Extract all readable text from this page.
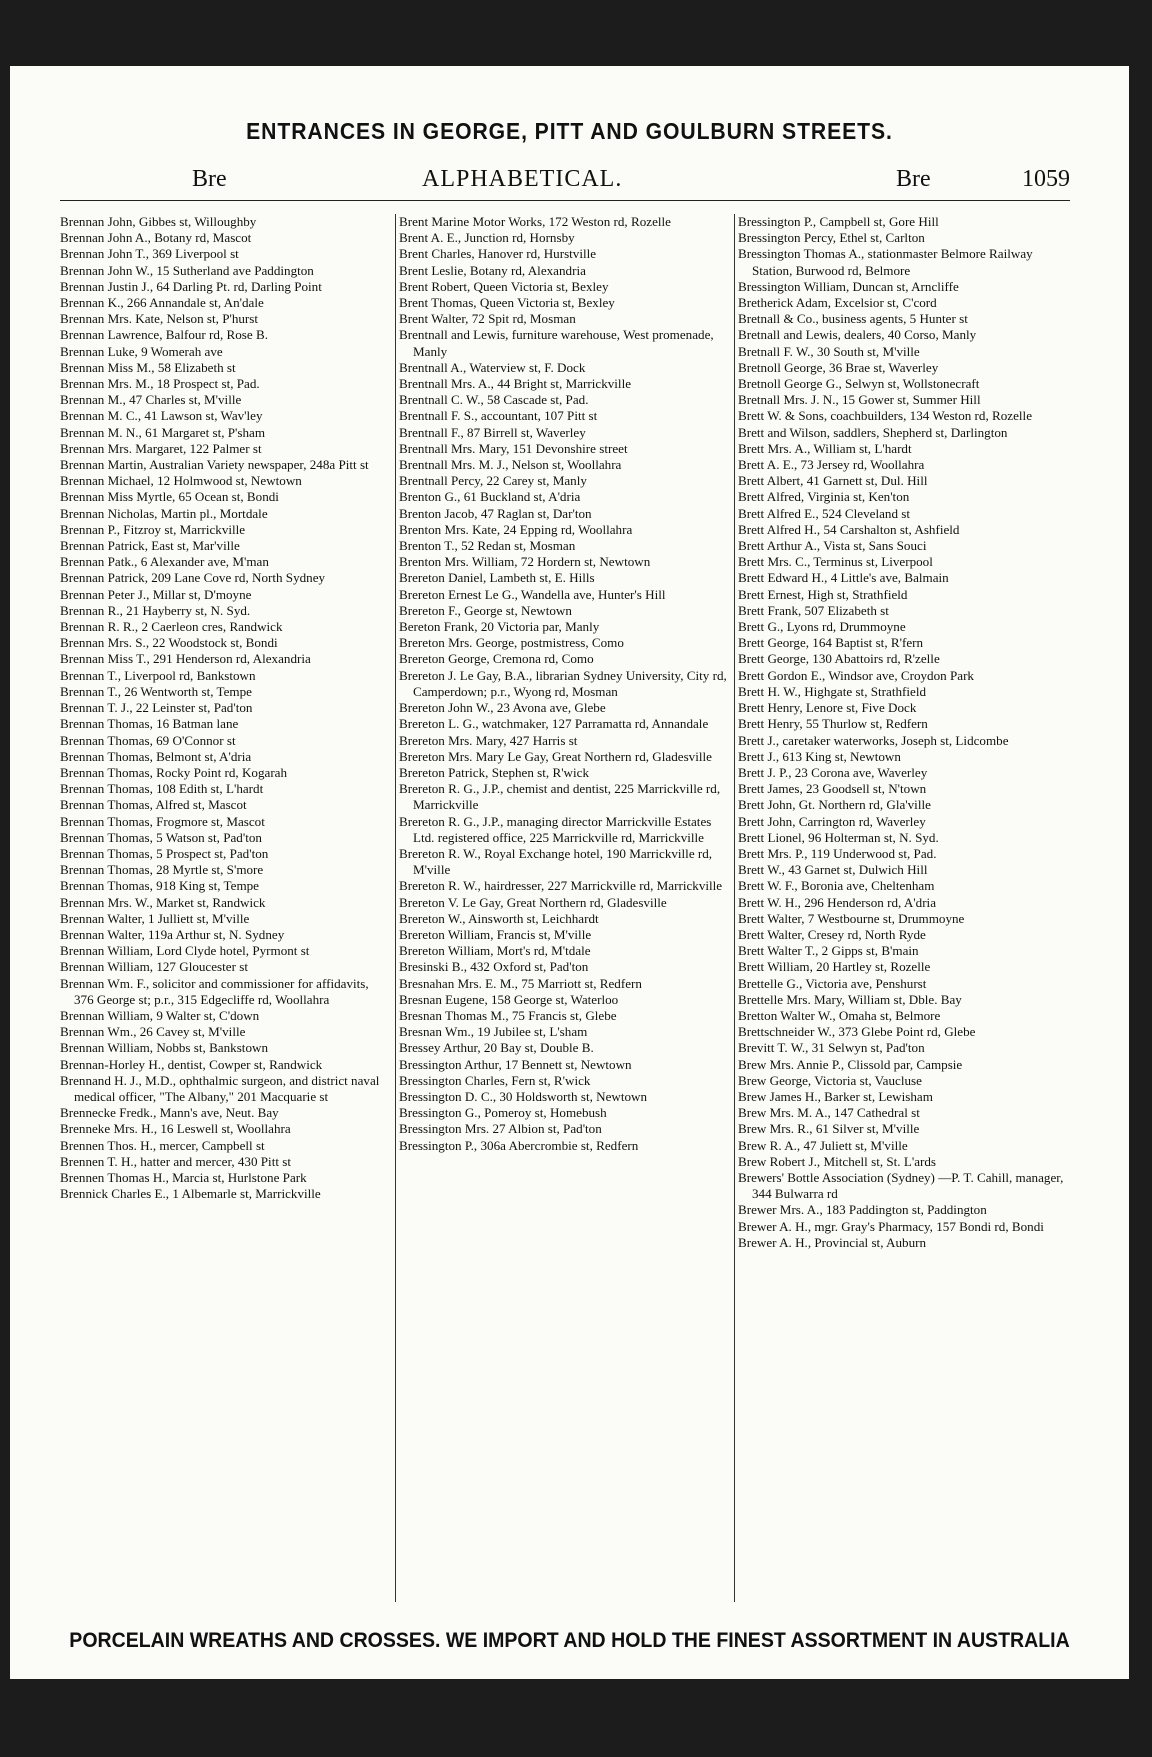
ENTRANCES IN GEORGE, PITT AND GOULBURN STREETS.
Bre	ALPHABETICAL.	Bre	1059
Brennan John, Gibbes st, Willoughby
Brennan John A., Botany rd, Mascot
Brennan John T., 369 Liverpool st
Brennan John W., 15 Sutherland ave Paddington
Brennan Justin J., 64 Darling Pt. rd, Darling Point
Brennan K., 266 Annandale st, An'dale
Brennan Mrs. Kate, Nelson st, P'hurst
Brennan Lawrence, Balfour rd, Rose B.
Brennan Luke, 9 Womerah ave
Brennan Miss M., 58 Elizabeth st
Brennan Mrs. M., 18 Prospect st, Pad.
Brennan M., 47 Charles st, M'ville
Brennan M. C., 41 Lawson st, Wav'ley
Brennan M. N., 61 Margaret st, P'sham
Brennan Mrs. Margaret, 122 Palmer st
Brennan Martin, Australian Variety newspaper, 248a Pitt st
Brennan Michael, 12 Holmwood st, Newtown
Brennan Miss Myrtle, 65 Ocean st, Bondi
Brennan Nicholas, Martin pl., Mortdale
Brennan P., Fitzroy st, Marrickville
Brennan Patrick, East st, Mar'ville
Brennan Patk., 6 Alexander ave, M'man
Brennan Patrick, 209 Lane Cove rd, North Sydney
Brennan Peter J., Millar st, D'moyne
Brennan R., 21 Hayberry st, N. Syd.
Brennan R. R., 2 Caerleon cres, Randwick
Brennan Mrs. S., 22 Woodstock st, Bondi
Brennan Miss T., 291 Henderson rd, Alexandria
Brennan T., Liverpool rd, Bankstown
Brennan T., 26 Wentworth st, Tempe
Brennan T. J., 22 Leinster st, Pad'ton
Brennan Thomas, 16 Batman lane
Brennan Thomas, 69 O'Connor st
Brennan Thomas, Belmont st, A'dria
Brennan Thomas, Rocky Point rd, Kogarah
Brennan Thomas, 108 Edith st, L'hardt
Brennan Thomas, Alfred st, Mascot
Brennan Thomas, Frogmore st, Mascot
Brennan Thomas, 5 Watson st, Pad'ton
Brennan Thomas, 5 Prospect st, Pad'ton
Brennan Thomas, 28 Myrtle st, S'more
Brennan Thomas, 918 King st, Tempe
Brennan Mrs. W., Market st, Randwick
Brennan Walter, 1 Julliett st, M'ville
Brennan Walter, 119a Arthur st, N. Sydney
Brennan William, Lord Clyde hotel, Pyrmont st
Brennan William, 127 Gloucester st
Brennan Wm. F., solicitor and commissioner for affidavits, 376 George st; p.r., 315 Edgecliffe rd, Woollahra
Brennan William, 9 Walter st, C'down
Brennan Wm., 26 Cavey st, M'ville
Brennan William, Nobbs st, Bankstown
Brennan-Horley H., dentist, Cowper st, Randwick
Brennand H. J., M.D., ophthalmic surgeon, and district naval medical officer, "The Albany," 201 Macquarie st
Brennecke Fredk., Mann's ave, Neut. Bay
Brenneke Mrs. H., 16 Leswell st, Woollahra
Brennen Thos. H., mercer, Campbell st
Brennen T. H., hatter and mercer, 430 Pitt st
Brennen Thomas H., Marcia st, Hurlstone Park
Brennick Charles E., 1 Albemarle st, Marrickville
Brent Marine Motor Works, 172 Weston rd, Rozelle
Brent A. E., Junction rd, Hornsby
Brent Charles, Hanover rd, Hurstville
Brent Leslie, Botany rd, Alexandria
Brent Robert, Queen Victoria st, Bexley
Brent Thomas, Queen Victoria st, Bexley
Brent Walter, 72 Spit rd, Mosman
Brentnall and Lewis, furniture warehouse, West promenade, Manly
Brentnall A., Waterview st, F. Dock
Brentnall Mrs. A., 44 Bright st, Marrickville
Brentnall C. W., 58 Cascade st, Pad.
Brentnall F. S., accountant, 107 Pitt st
Brentnall F., 87 Birrell st, Waverley
Brentnall Mrs. Mary, 151 Devonshire street
Brentnall Mrs. M. J., Nelson st, Woollahra
Brentnall Percy, 22 Carey st, Manly
Brenton G., 61 Buckland st, A'dria
Brenton Jacob, 47 Raglan st, Dar'ton
Brenton Mrs. Kate, 24 Epping rd, Woollahra
Brenton T., 52 Redan st, Mosman
Brenton Mrs. William, 72 Hordern st, Newtown
Brereton Daniel, Lambeth st, E. Hills
Brereton Ernest Le G., Wandella ave, Hunter's Hill
Brereton F., George st, Newtown
Bereton Frank, 20 Victoria par, Manly
Brereton Mrs. George, postmistress, Como
Brereton George, Cremona rd, Como
Brereton J. Le Gay, B.A., librarian Sydney University, City rd, Camperdown; p.r., Wyong rd, Mosman
Brereton John W., 23 Avona ave, Glebe
Brereton L. G., watchmaker, 127 Parramatta rd, Annandale
Brereton Mrs. Mary, 427 Harris st
Brereton Mrs. Mary Le Gay, Great Northern rd, Gladesville
Brereton Patrick, Stephen st, R'wick
Brereton R. G., J.P., chemist and dentist, 225 Marrickville rd, Marrickville
Brereton R. G., J.P., managing director Marrickville Estates Ltd. registered office, 225 Marrickville rd, Marrickville
Brereton R. W., Royal Exchange hotel, 190 Marrickville rd, M'ville
Brereton R. W., hairdresser, 227 Marrickville rd, Marrickville
Brereton V. Le Gay, Great Northern rd, Gladesville
Brereton W., Ainsworth st, Leichhardt
Brereton William, Francis st, M'ville
Brereton William, Mort's rd, M'tdale
Bresinski B., 432 Oxford st, Pad'ton
Bresnahan Mrs. E. M., 75 Marriott st, Redfern
Bresnan Eugene, 158 George st, Waterloo
Bresnan Thomas M., 75 Francis st, Glebe
Bresnan Wm., 19 Jubilee st, L'sham
Bressey Arthur, 20 Bay st, Double B.
Bressington Arthur, 17 Bennett st, Newtown
Bressington Charles, Fern st, R'wick
Bressington D. C., 30 Holdsworth st, Newtown
Bressington G., Pomeroy st, Homebush
Bressington Mrs. 27 Albion st, Pad'ton
Bressington P., 306a Abercrombie st, Redfern
Bressington P., Campbell st, Gore Hill
Bressington Percy, Ethel st, Carlton
Bressington Thomas A., stationmaster Belmore Railway Station, Burwood rd, Belmore
Bressington William, Duncan st, Arncliffe
Bretherick Adam, Excelsior st, C'cord
Bretnall & Co., business agents, 5 Hunter st
Bretnall and Lewis, dealers, 40 Corso, Manly
Bretnall F. W., 30 South st, M'ville
Bretnoll George, 36 Brae st, Waverley
Bretnoll George G., Selwyn st, Wollstonecraft
Bretnall Mrs. J. N., 15 Gower st, Summer Hill
Brett W. & Sons, coachbuilders, 134 Weston rd, Rozelle
Brett and Wilson, saddlers, Shepherd st, Darlington
Brett Mrs. A., William st, L'hardt
Brett A. E., 73 Jersey rd, Woollahra
Brett Albert, 41 Garnett st, Dul. Hill
Brett Alfred, Virginia st, Ken'ton
Brett Alfred E., 524 Cleveland st
Brett Alfred H., 54 Carshalton st, Ashfield
Brett Arthur A., Vista st, Sans Souci
Brett Mrs. C., Terminus st, Liverpool
Brett Edward H., 4 Little's ave, Balmain
Brett Ernest, High st, Strathfield
Brett Frank, 507 Elizabeth st
Brett G., Lyons rd, Drummoyne
Brett George, 164 Baptist st, R'fern
Brett George, 130 Abattoirs rd, R'zelle
Brett Gordon E., Windsor ave, Croydon Park
Brett H. W., Highgate st, Strathfield
Brett Henry, Lenore st, Five Dock
Brett Henry, 55 Thurlow st, Redfern
Brett J., caretaker waterworks, Joseph st, Lidcombe
Brett J., 613 King st, Newtown
Brett J. P., 23 Corona ave, Waverley
Brett James, 23 Goodsell st, N'town
Brett John, Gt. Northern rd, Gla'ville
Brett John, Carrington rd, Waverley
Brett Lionel, 96 Holterman st, N. Syd.
Brett Mrs. P., 119 Underwood st, Pad.
Brett W., 43 Garnet st, Dulwich Hill
Brett W. F., Boronia ave, Cheltenham
Brett W. H., 296 Henderson rd, A'dria
Brett Walter, 7 Westbourne st, Drummoyne
Brett Walter, Cresey rd, North Ryde
Brett Walter T., 2 Gipps st, B'main
Brett William, 20 Hartley st, Rozelle
Brettelle G., Victoria ave, Penshurst
Brettelle Mrs. Mary, William st, Dble. Bay
Bretton Walter W., Omaha st, Belmore
Brettschneider W., 373 Glebe Point rd, Glebe
Brevitt T. W., 31 Selwyn st, Pad'ton
Brew Mrs. Annie P., Clissold par, Campsie
Brew George, Victoria st, Vaucluse
Brew James H., Barker st, Lewisham
Brew Mrs. M. A., 147 Cathedral st
Brew Mrs. R., 61 Silver st, M'ville
Brew R. A., 47 Juliett st, M'ville
Brew Robert J., Mitchell st, St. L'ards
Brewers' Bottle Association (Sydney) —P. T. Cahill, manager, 344 Bulwarra rd
Brewer Mrs. A., 183 Paddington st, Paddington
Brewer A. H., mgr. Gray's Pharmacy, 157 Bondi rd, Bondi
Brewer A. H., Provincial st, Auburn
PORCELAIN WREATHS AND CROSSES. WE IMPORT AND HOLD THE FINEST ASSORTMENT IN AUSTRALIA
